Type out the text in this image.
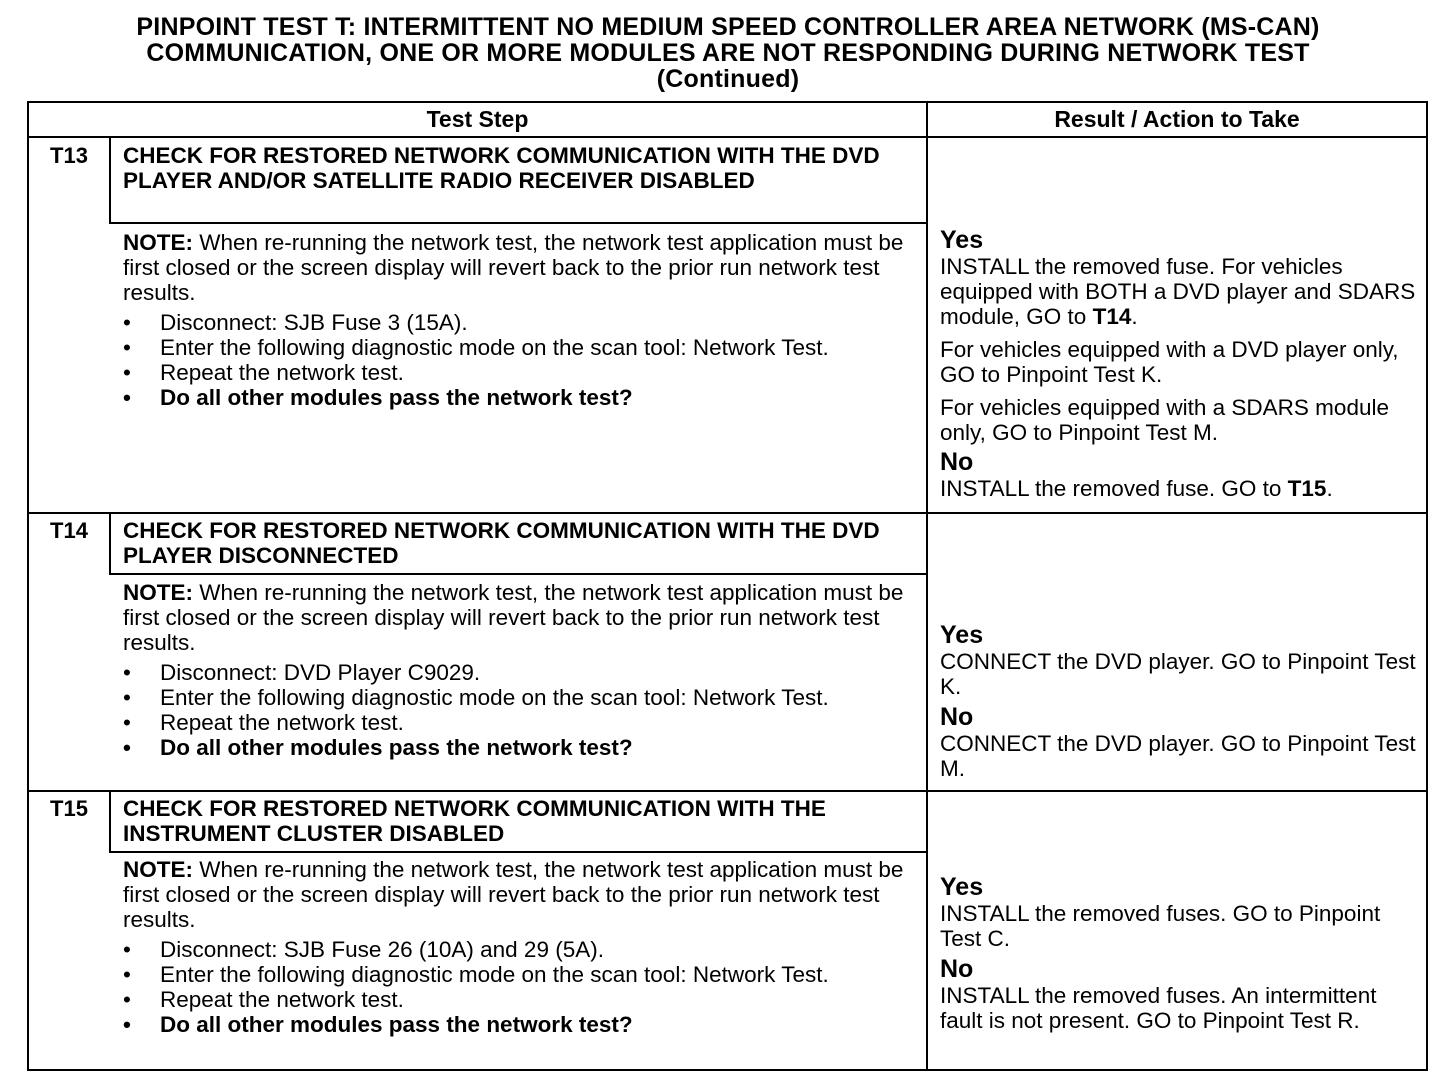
PINPOINT TEST T: INTERMITTENT NO MEDIUM SPEED CONTROLLER AREA NETWORK (MS-CAN)
COMMUNICATION, ONE OR MORE MODULES ARE NOT RESPONDING DURING NETWORK TEST
(Continued)
Test Step	Result / Action to Take
T13	CHECK FOR RESTORED NETWORK COMMUNICATION WITH THE DVD PLAYER AND/OR SATELLITE RADIO RECEIVER DISABLED
NOTE: When re-running the network test, the network test application must be first closed or the screen display will revert back to the prior run network test results.
• Disconnect: SJB Fuse 3 (15A).
• Enter the following diagnostic mode on the scan tool: Network Test.
• Repeat the network test.
• Do all other modules pass the network test?
Yes

INSTALL the removed fuse. For vehicles equipped with BOTH a DVD player and SDARS module, GO to T14.

For vehicles equipped with a DVD player only, GO to Pinpoint Test K.

For vehicles equipped with a SDARS module only, GO to Pinpoint Test M.

No

INSTALL the removed fuse. GO to T15.

T14	CHECK FOR RESTORED NETWORK COMMUNICATION WITH THE DVD PLAYER DISCONNECTED
NOTE: When re-running the network test, the network test application must be first closed or the screen display will revert back to the prior run network test results.
• Disconnect: DVD Player C9029.
• Enter the following diagnostic mode on the scan tool: Network Test.
• Repeat the network test.
• Do all other modules pass the network test?
Yes

CONNECT the DVD player. GO to Pinpoint Test K.

No

CONNECT the DVD player. GO to Pinpoint Test M.

T15	CHECK FOR RESTORED NETWORK COMMUNICATION WITH THE INSTRUMENT CLUSTER DISABLED
NOTE: When re-running the network test, the network test application must be first closed or the screen display will revert back to the prior run network test results.
• Disconnect: SJB Fuse 26 (10A) and 29 (5A).
• Enter the following diagnostic mode on the scan tool: Network Test.
• Repeat the network test.
• Do all other modules pass the network test?
Yes

INSTALL the removed fuses. GO to Pinpoint Test C.

No

INSTALL the removed fuses. An intermittent fault is not present. GO to Pinpoint Test R.
